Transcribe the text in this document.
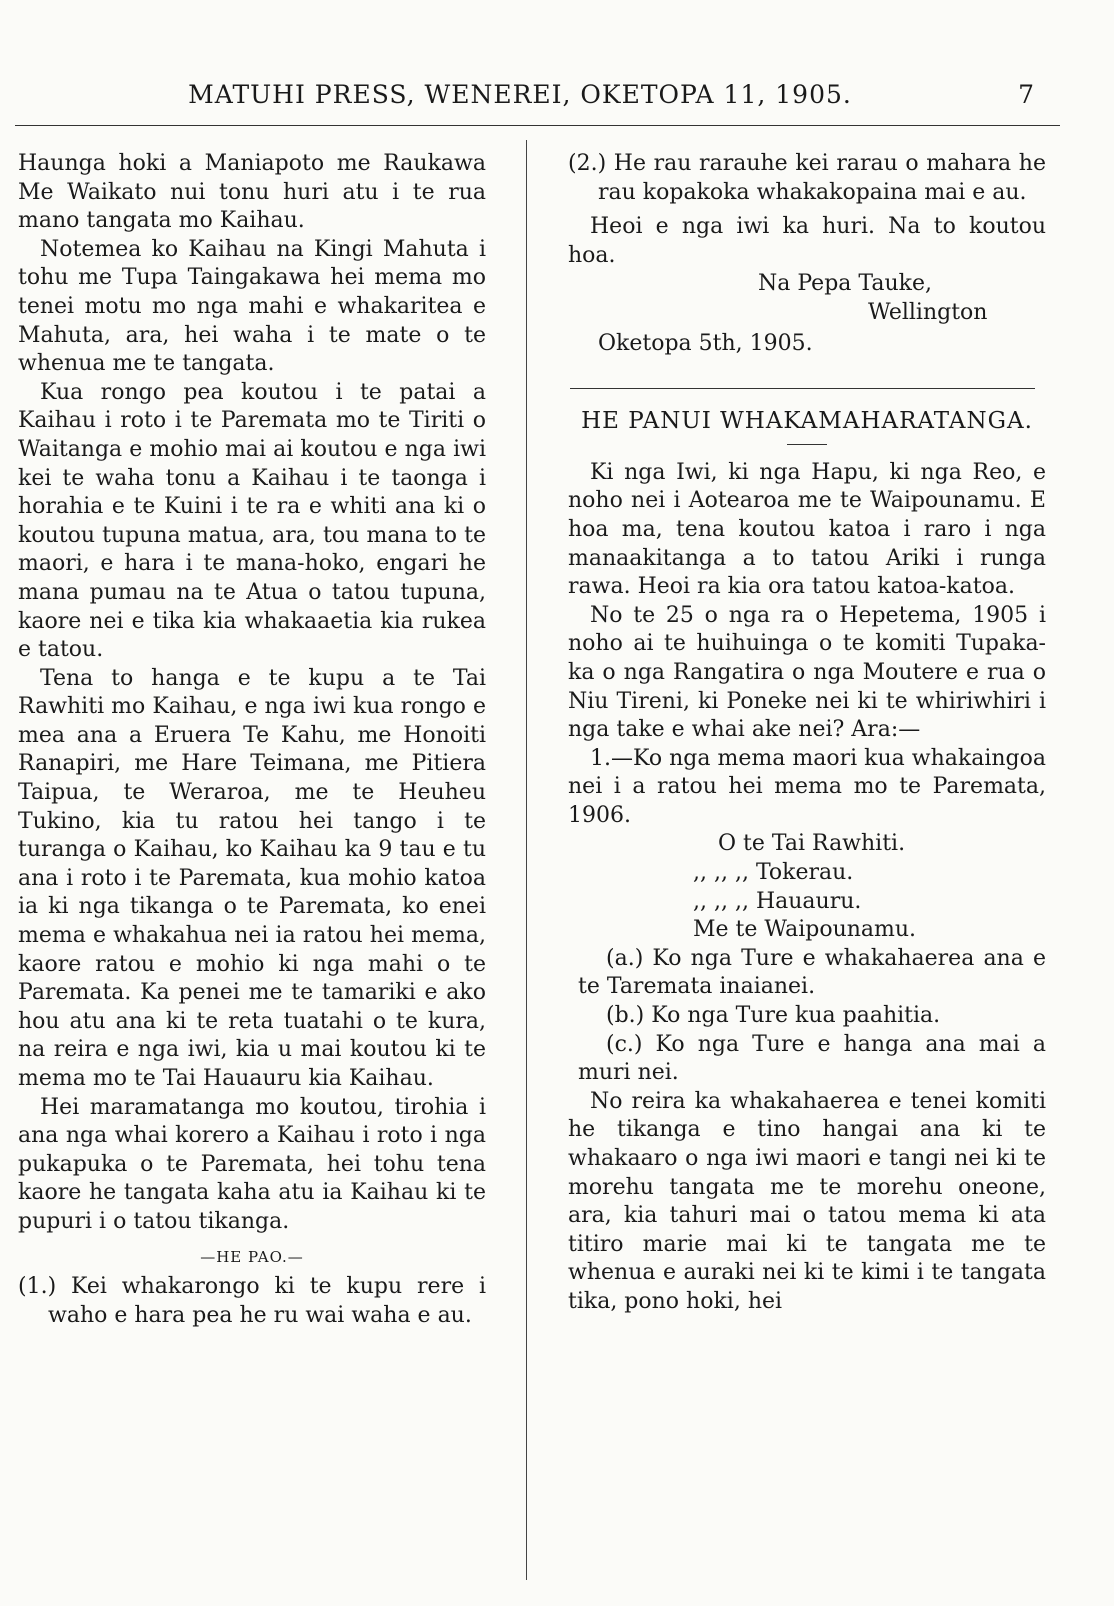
MATUHI PRESS, WENEREI, OKETOPA 11, 1905.	7

Haunga hoki a Maniapoto me Raukawa Me Waikato nui tonu huri atu i te rua mano tangata mo Kaihau.

Notemea ko Kaihau na Kingi Mahuta i tohu me Tupa Taingakawa hei mema mo tenei motu mo nga mahi e whakaritea e Mahuta, ara, hei waha i te mate o te whenua me te tangata.

Kua rongo pea koutou i te patai a Kaihau i roto i te Paremata mo te Tiriti o Waitanga e mohio mai ai koutou e nga iwi kei te waha tonu a Kaihau i te taonga i horahia e te Kuini i te ra e whiti ana ki o koutou tupuna matua, ara, tou mana to te maori, e hara i te mana-hoko, engari he mana pumau na te Atua o tatou tupuna, kaore nei e tika kia whakaaetia kia rukea e tatou.

Tena to hanga e te kupu a te Tai Rawhiti mo Kaihau, e nga iwi kua rongo e mea ana a Eruera Te Kahu, me Honoiti Ranapiri, me Hare Teimana, me Pitiera Taipua, te Weraroa, me te Heuheu Tukino, kia tu ratou hei tango i te turanga o Kaihau, ko Kaihau ka 9 tau e tu ana i roto i te Paremata, kua mohio katoa ia ki nga tikanga o te Paremata, ko enei mema e whakahua nei ia ratou hei mema, kaore ratou e mohio ki nga mahi o te Paremata. Ka penei me te tamariki e ako hou atu ana ki te reta tuatahi o te kura, na reira e nga iwi, kia u mai koutou ki te mema mo te Tai Hauauru kia Kaihau.

Hei maramatanga mo koutou, tirohia i ana nga whai korero a Kaihau i roto i nga pukapuka o te Paremata, hei tohu tena kaore he tangata kaha atu ia Kaihau ki te pupuri i o tatou tikanga.

—HE PAO.—

(1.) Kei whakarongo ki te kupu rere i waho e hara pea he ru wai waha e au.

(2.) He rau rarauhe kei rarau o mahara he rau kopakoka whakakopaina mai e au.

Heoi e nga iwi ka huri. Na to koutou hoa.

Na Pepa Tauke,

Wellington

Oketopa 5th, 1905.

HE PANUI WHAKAMAHARATANGA.

Ki nga Iwi, ki nga Hapu, ki nga Reo, e noho nei i Aotearoa me te Waipounamu. E hoa ma, tena koutou katoa i raro i nga manaakitanga a to tatou Ariki i runga rawa. Heoi ra kia ora tatou katoa-katoa.

No te 25 o nga ra o Hepetema, 1905 i noho ai te huihuinga o te komiti Tupaka-ka o nga Rangatira o nga Moutere e rua o Niu Tireni, ki Poneke nei ki te whiriwhiri i nga take e whai ake nei? Ara:—

1.—Ko nga mema maori kua whakaingoa nei i a ratou hei mema mo te Paremata, 1906.

O te Tai Rawhiti.

,, ,, ,, Tokerau.

,, ,, ,, Hauauru.

Me te Waipounamu.

(a.) Ko nga Ture e whakahaerea ana e te Taremata inaianei.

(b.) Ko nga Ture kua paahitia.

(c.) Ko nga Ture e hanga ana mai a muri nei.

No reira ka whakahaerea e tenei komiti he tikanga e tino hangai ana ki te whakaaro o nga iwi maori e tangi nei ki te morehu tangata me te morehu oneone, ara, kia tahuri mai o tatou mema ki ata titiro marie mai ki te tangata me te whenua e auraki nei ki te kimi i te tangata tika, pono hoki, hei
